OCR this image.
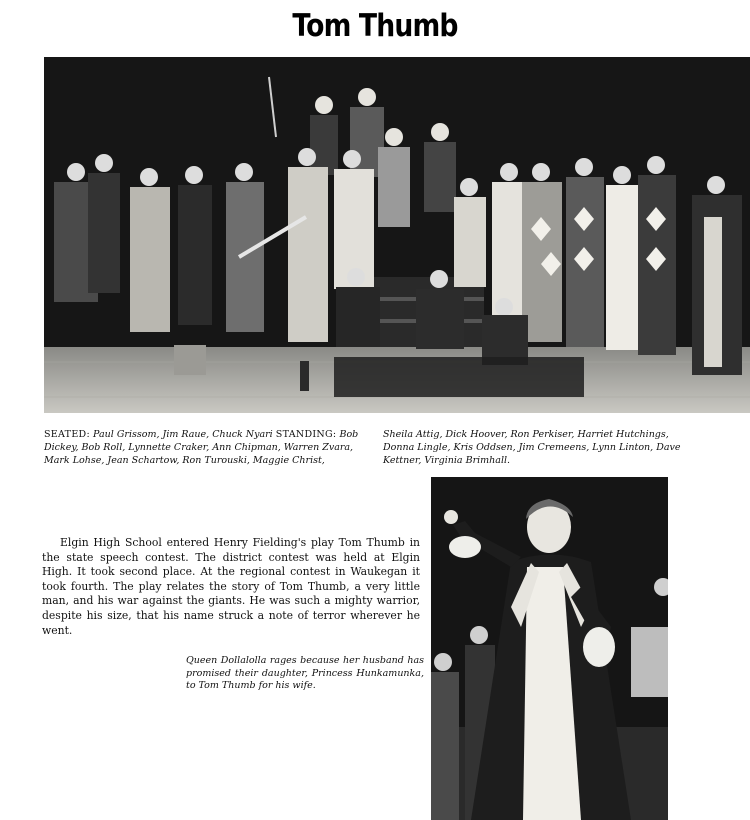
Tom Thumb
SEATED: Paul Grissom, Jim Raue, Chuck Nyari STANDING: Bob Dickey, Bob Roll, Lynnette Craker, Ann Chipman, Warren Zvara, Mark Lohse, Jean Schartow, Ron Turouski, Maggie Christ,
Sheila Attig, Dick Hoover, Ron Perkiser, Harriet Hutchings, Donna Lingle, Kris Oddsen, Jim Cremeens, Lynn Linton, Dave Kettner, Virginia Brimhall.
Elgin High School entered Henry Fielding's play Tom Thumb in the state speech contest. The district contest was held at Elgin High. It took second place. At the regional contest in Waukegan it took fourth. The play relates the story of Tom Thumb, a very little man, and his war against the giants. He was such a mighty warrior, despite his size, that his name struck a note of terror wherever he went.
Queen Dollalolla rages because her husband has promised their daughter, Princess Hunkamunka, to Tom Thumb for his wife.
